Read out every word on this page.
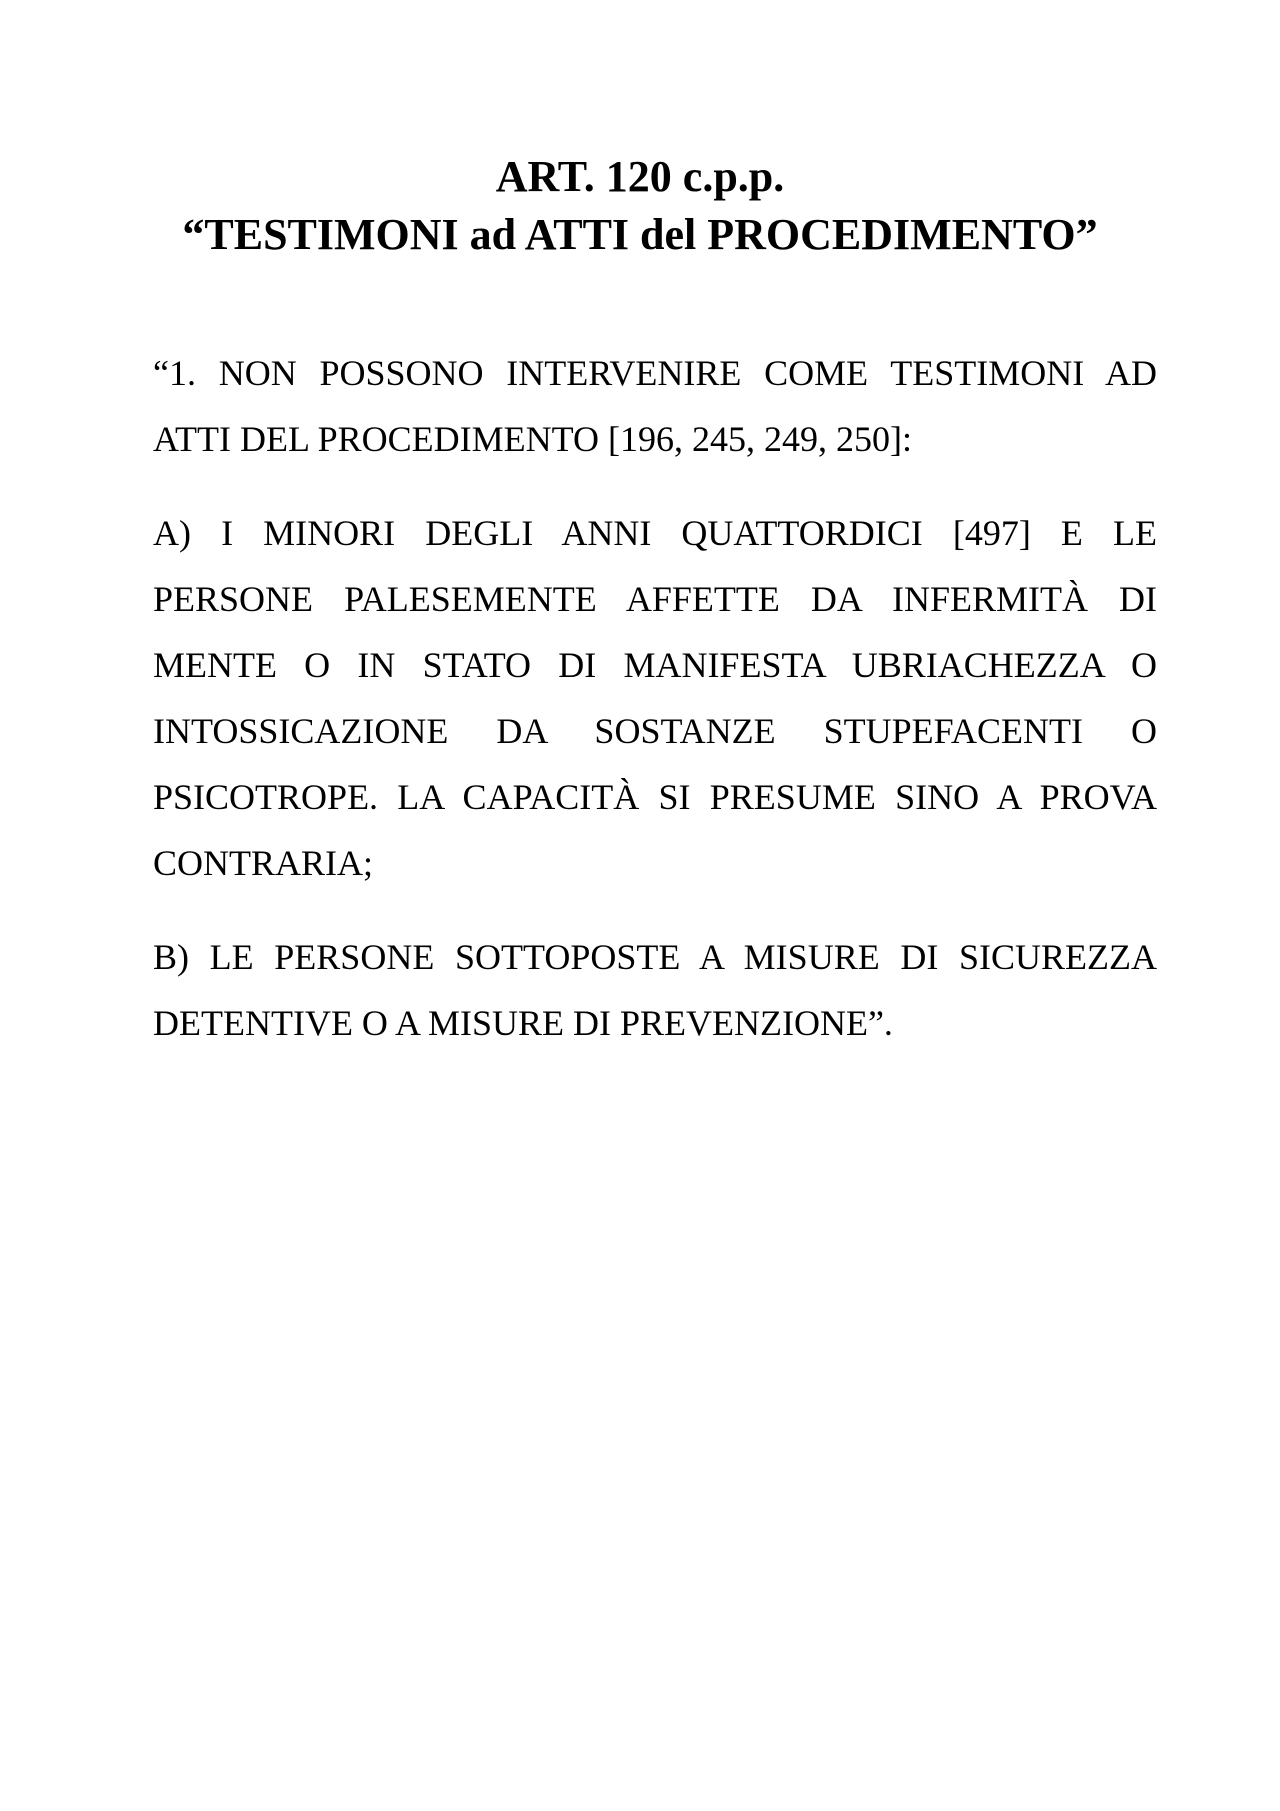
ART. 120 c.p.p.
“TESTIMONI ad ATTI del PROCEDIMENTO”

“1. NON POSSONO INTERVENIRE COME TESTIMONI AD ATTI DEL PROCEDIMENTO [196, 245, 249, 250]:

A) I MINORI DEGLI ANNI QUATTORDICI [497] E LE PERSONE PALESEMENTE AFFETTE DA INFERMITÀ DI MENTE O IN STATO DI MANIFESTA UBRIACHEZZA O INTOSSICAZIONE DA SOSTANZE STUPEFACENTI O PSICOTROPE. LA CAPACITÀ SI PRESUME SINO A PROVA CONTRARIA;

B) LE PERSONE SOTTOPOSTE A MISURE DI SICUREZZA DETENTIVE O A MISURE DI PREVENZIONE”.
